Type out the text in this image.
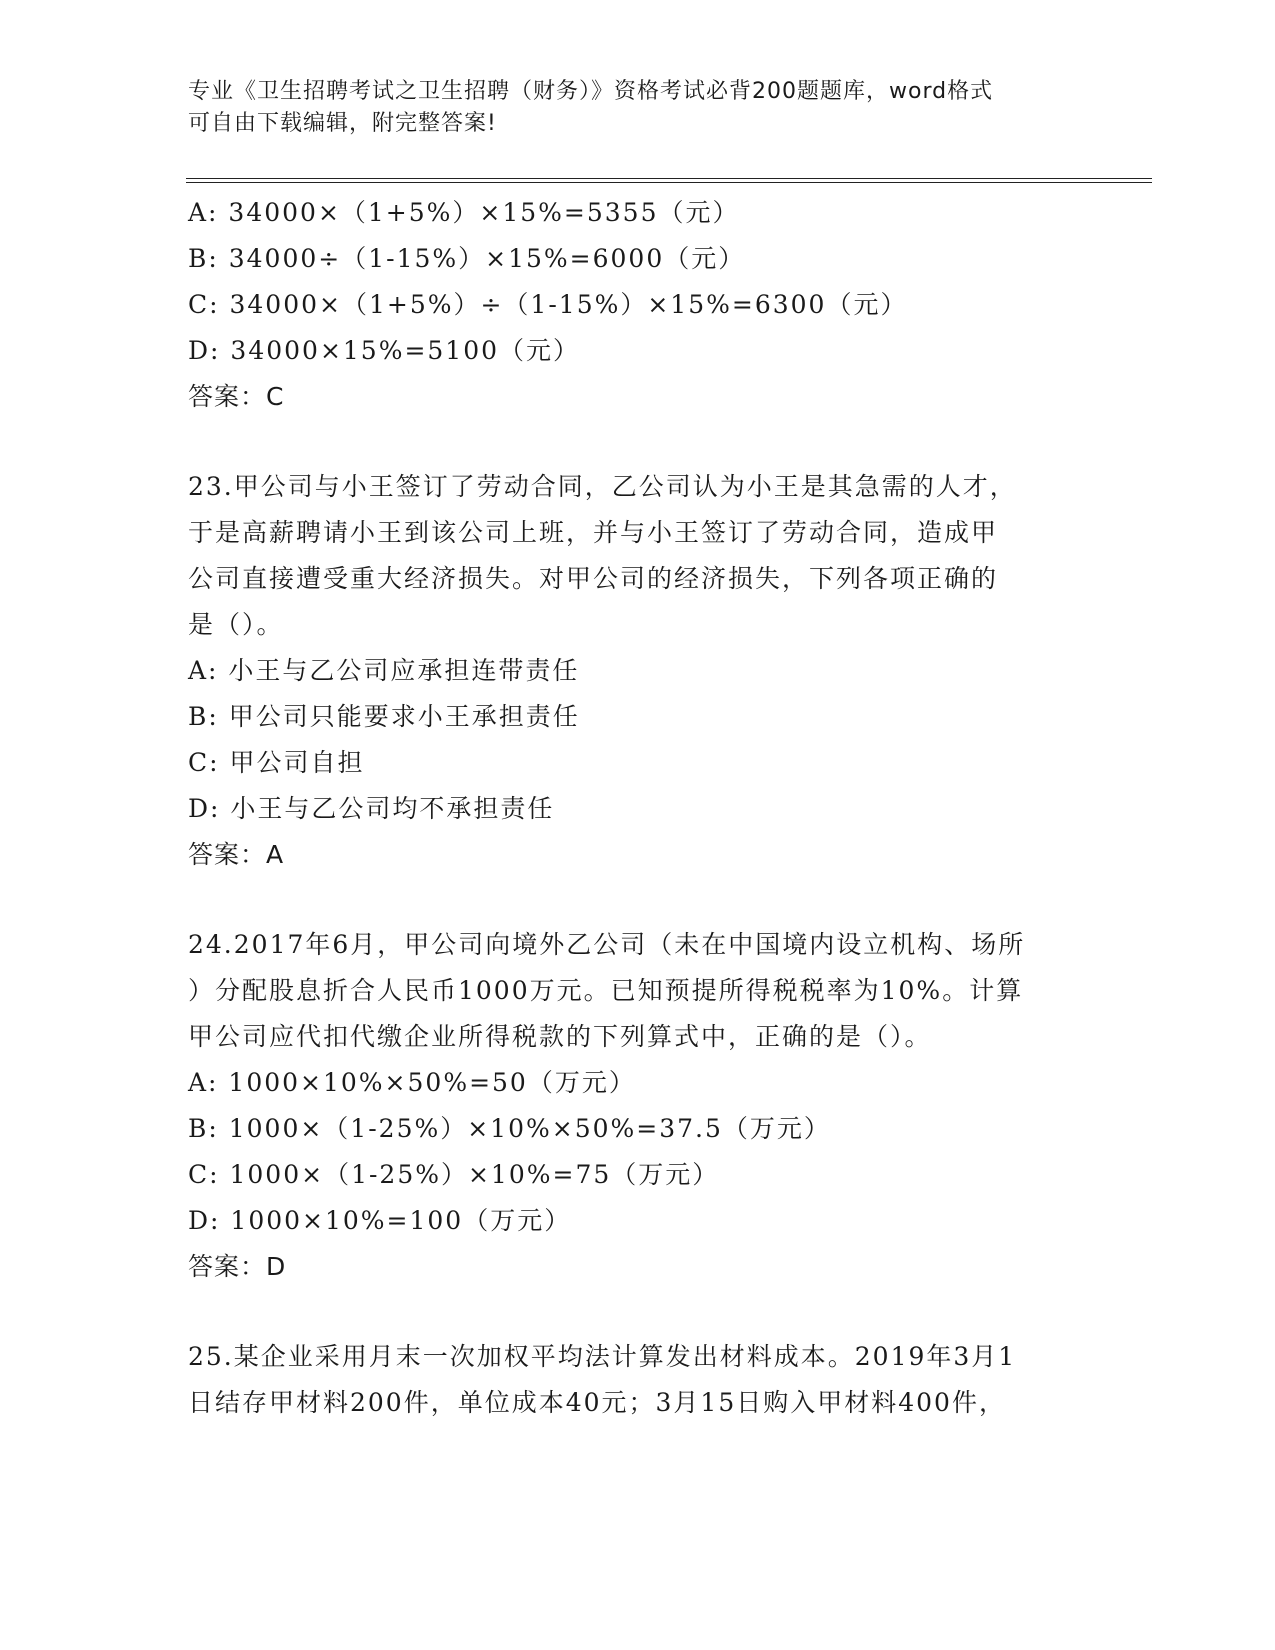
专业《卫生招聘考试之卫生招聘（财务）》资格考试必背200题题库，word格式
可自由下载编辑，附完整答案!
A: 34000×（1+5%）×15%=5355（元）
B: 34000÷（1-15%）×15%=6000（元）
C: 34000×（1+5%）÷（1-15%）×15%=6300（元）
D: 34000×15%=5100（元）
答案：C
23.甲公司与小王签订了劳动合同，乙公司认为小王是其急需的人才，
于是高薪聘请小王到该公司上班，并与小王签订了劳动合同，造成甲
公司直接遭受重大经济损失。对甲公司的经济损失，下列各项正确的
是（）。
A: 小王与乙公司应承担连带责任
B: 甲公司只能要求小王承担责任
C: 甲公司自担
D: 小王与乙公司均不承担责任
答案：A
24.2017年6月，甲公司向境外乙公司（未在中国境内设立机构、场所
）分配股息折合人民币1000万元。已知预提所得税税率为10%。计算
甲公司应代扣代缴企业所得税款的下列算式中，正确的是（）。
A: 1000×10%×50%=50（万元）
B: 1000×（1-25%）×10%×50%=37.5（万元）
C: 1000×（1-25%）×10%=75（万元）
D: 1000×10%=100（万元）
答案：D
25.某企业采用月末一次加权平均法计算发出材料成本。2019年3月1
日结存甲材料200件，单位成本40元；3月15日购入甲材料400件，
